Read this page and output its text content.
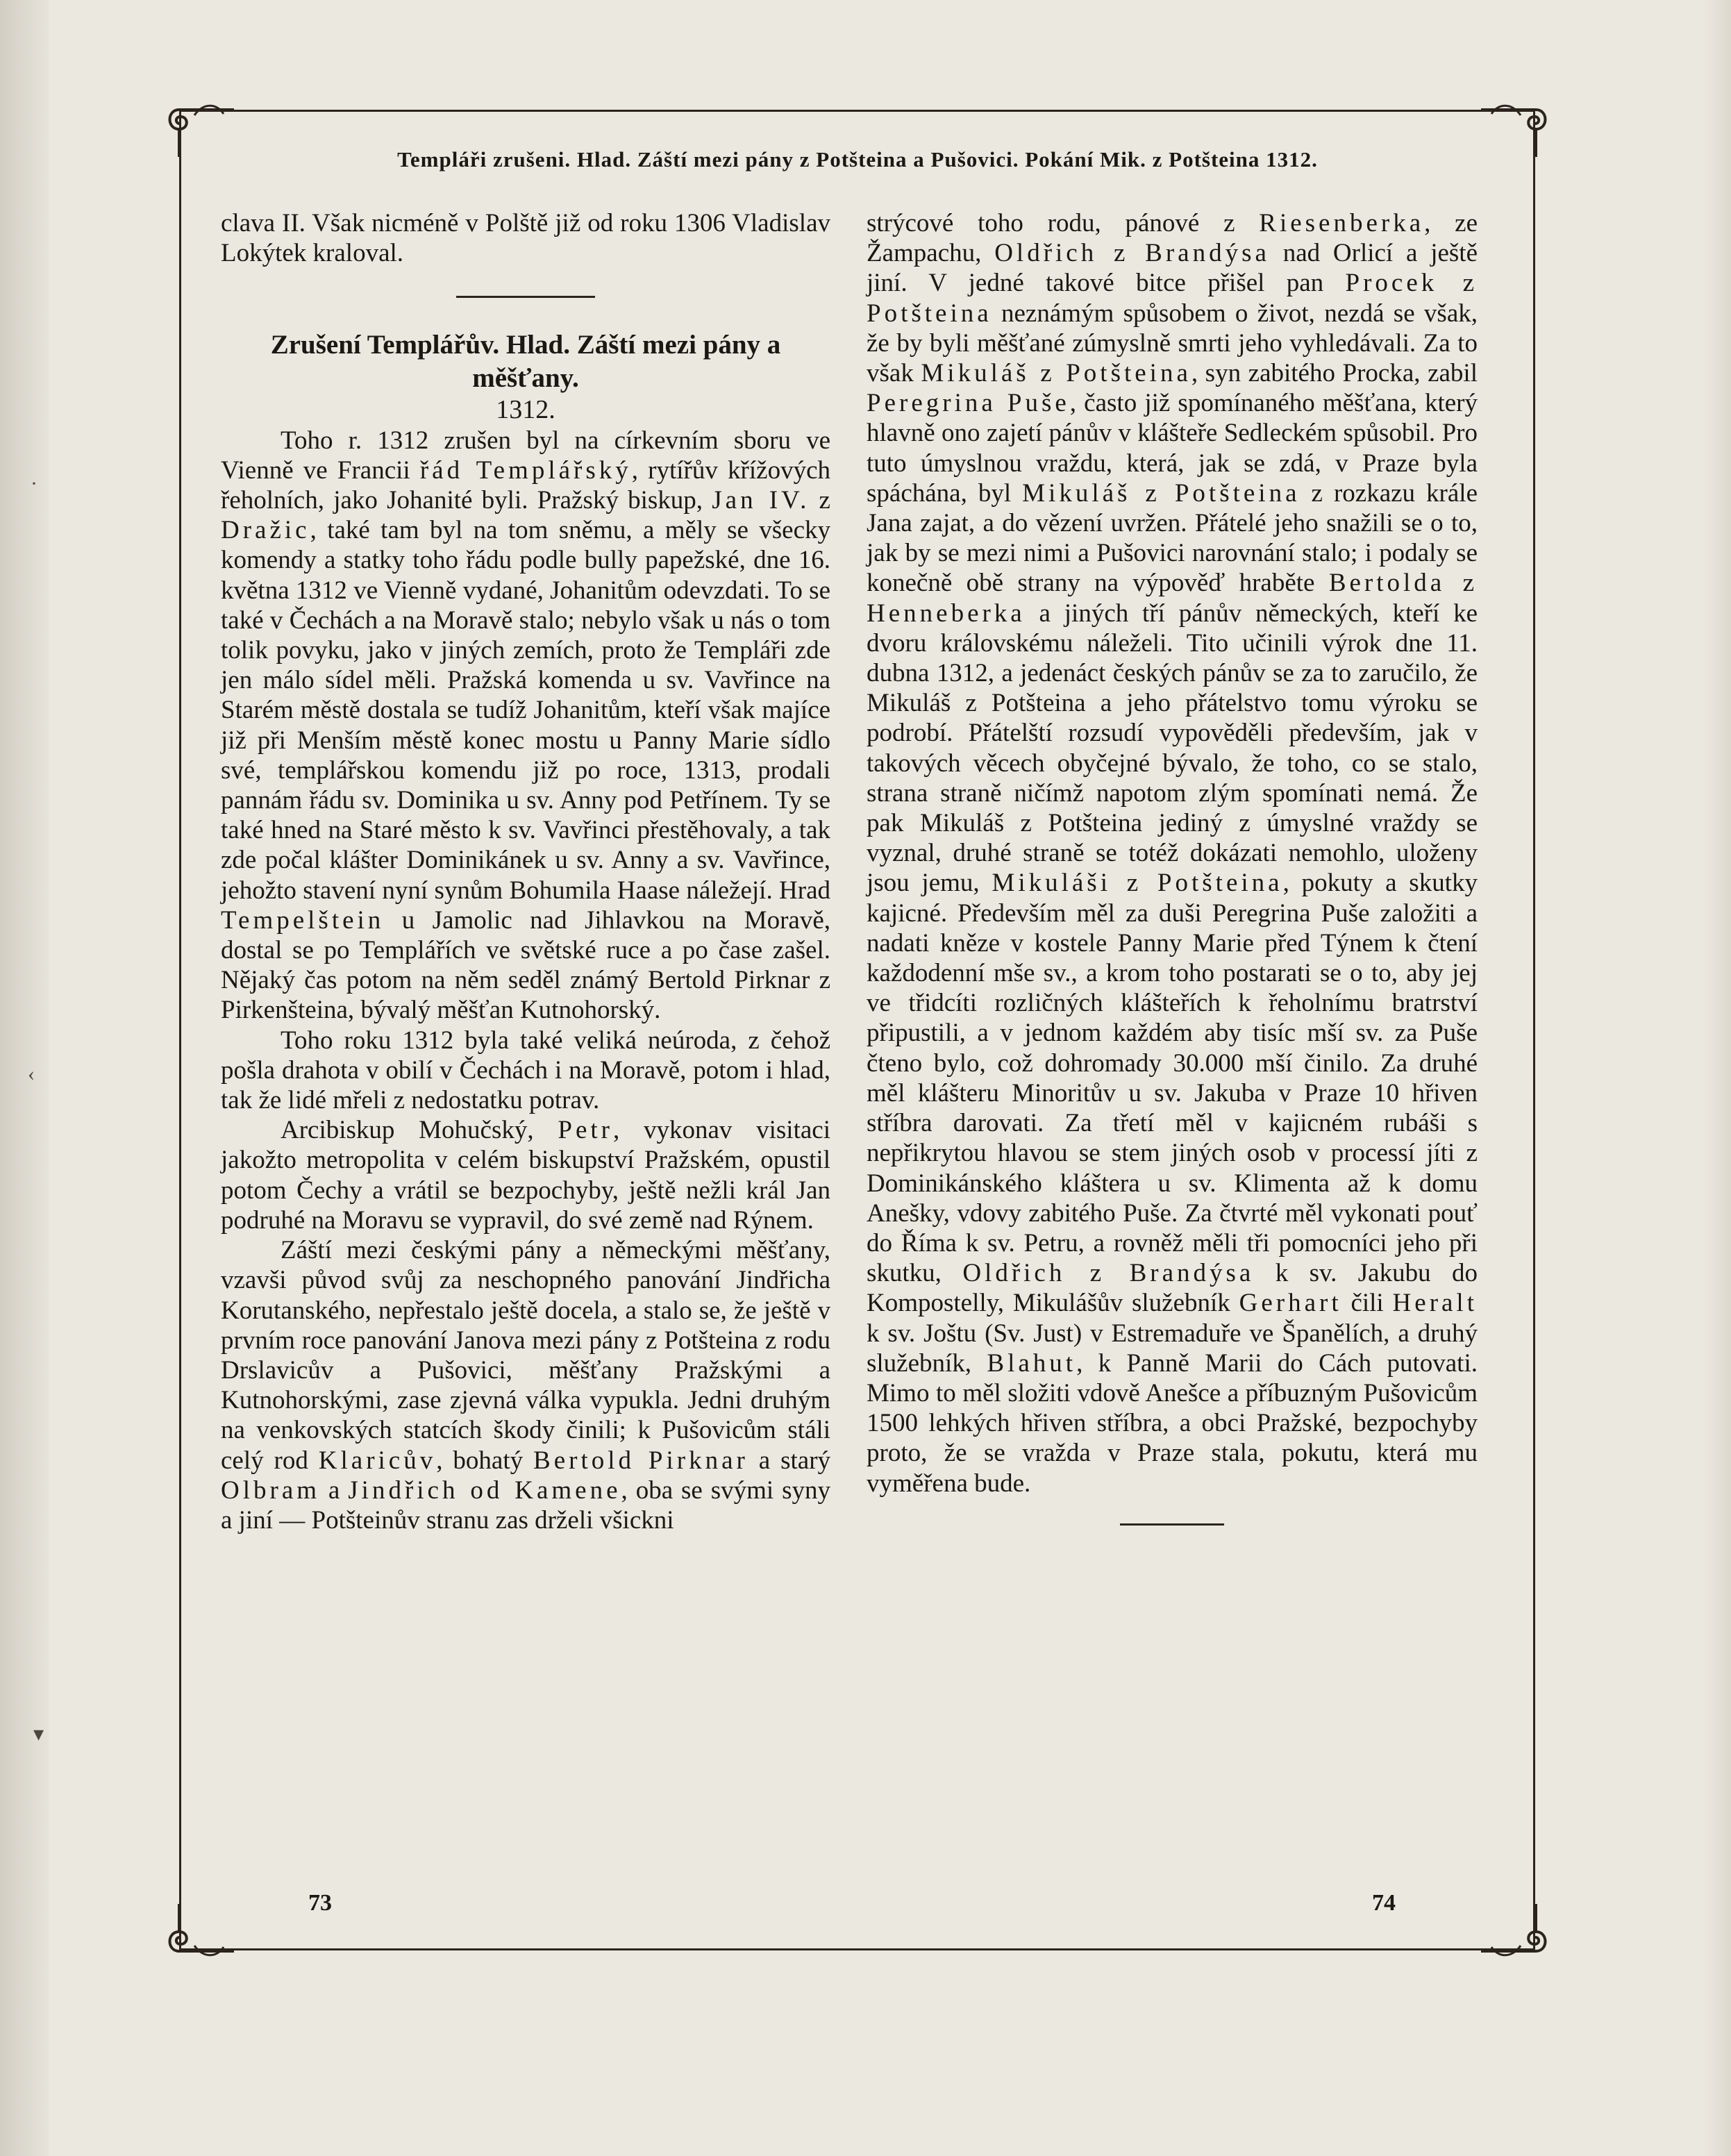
·
‹
▾
Templáři zrušeni. Hlad. Záští mezi pány z Potšteina a Pušovici. Pokání Mik. z Potšteina 1312.

clava II. Však nicméně v Polště již od roku 1306 Vladislav Lokýtek kraloval.

Zrušení Templářův. Hlad. Záští mezi pány a měšťany.

1312.

Toho r. 1312 zrušen byl na církevním sboru ve Vienně ve Francii řád Templářský, rytířův křížových řeholních, jako Johanité byli. Pražský biskup, Jan IV. z Dražic, také tam byl na tom sněmu, a měly se všecky komendy a statky toho řádu podle bully papežské, dne 16. května 1312 ve Vienně vydané, Johanitům odevzdati. To se také v Čechách a na Moravě stalo; nebylo však u nás o tom tolik povyku, jako v jiných zemích, proto že Templáři zde jen málo sídel měli. Pražská komenda u sv. Vavřince na Starém městě dostala se tudíž Johanitům, kteří však majíce již při Menším městě konec mostu u Panny Marie sídlo své, templářskou komendu již po roce, 1313, prodali pannám řádu sv. Dominika u sv. Anny pod Petřínem. Ty se také hned na Staré město k sv. Vavřinci přestěhovaly, a tak zde počal klášter Dominikánek u sv. Anny a sv. Vavřince, jehožto stavení nyní synům Bohumila Haase náležejí. Hrad Tempelštein u Jamolic nad Jihlavkou na Moravě, dostal se po Templářích ve světské ruce a po čase zašel. Nějaký čas potom na něm seděl známý Bertold Pirknar z Pirkenšteina, bývalý měšťan Kutnohorský.

Toho roku 1312 byla také veliká neúroda, z čehož pošla drahota v obilí v Čechách i na Moravě, potom i hlad, tak že lidé mřeli z nedostatku potrav.

Arcibiskup Mohučský, Petr, vykonav visitaci jakožto metropolita v celém biskupství Pražském, opustil potom Čechy a vrátil se bezpochyby, ještě nežli král Jan podruhé na Moravu se vypravil, do své země nad Rýnem.

Záští mezi českými pány a německými měšťany, vzavši původ svůj za neschopného panování Jindřicha Korutanského, nepřestalo ještě docela, a stalo se, že ještě v prvním roce panování Janova mezi pány z Potšteina z rodu Drslavicův a Pušovici, měšťany Pražskými a Kutnohorskými, zase zjevná válka vypukla. Jedni druhým na venkovských statcích škody činili; k Pušovicům stáli celý rod Klaricův, bohatý Bertold Pirknar a starý Olbram a Jindřich od Kamene, oba se svými syny a jiní — Potšteinův stranu zas drželi všickni

strýcové toho rodu, pánové z Riesenberka, ze Žampachu, Oldřich z Brandýsa nad Orlicí a ještě jiní. V jedné takové bitce přišel pan Procek z Potšteina neznámým spůsobem o život, nezdá se však, že by byli měšťané zúmyslně smrti jeho vyhledávali. Za to však Mikuláš z Potšteina, syn zabitého Procka, zabil Peregrina Puše, často již spomínaného měšťana, který hlavně ono zajetí pánův v klášteře Sedleckém spůsobil. Pro tuto úmyslnou vraždu, která, jak se zdá, v Praze byla spáchána, byl Mikuláš z Potšteina z rozkazu krále Jana zajat, a do vězení uvržen. Přátelé jeho snažili se o to, jak by se mezi nimi a Pušovici narovnání stalo; i podaly se konečně obě strany na výpověď hraběte Bertolda z Henneberka a jiných tří pánův německých, kteří ke dvoru královskému náleželi. Tito učinili výrok dne 11. dubna 1312, a jedenáct českých pánův se za to zaručilo, že Mikuláš z Potšteina a jeho přátelstvo tomu výroku se podrobí. Přátelští rozsudí vypověděli především, jak v takových věcech obyčejné bývalo, že toho, co se stalo, strana straně ničímž napotom zlým spomínati nemá. Že pak Mikuláš z Potšteina jediný z úmyslné vraždy se vyznal, druhé straně se totéž dokázati nemohlo, uloženy jsou jemu, Mikuláši z Potšteina, pokuty a skutky kajicné. Především měl za duši Peregrina Puše založiti a nadati kněze v kostele Panny Marie před Týnem k čtení každodenní mše sv., a krom toho postarati se o to, aby jej ve třidcíti rozličných klášteřích k řeholnímu bratrství připustili, a v jednom každém aby tisíc mší sv. za Puše čteno bylo, což dohromady 30.000 mší činilo. Za druhé měl klášteru Minoritův u sv. Jakuba v Praze 10 hřiven stříbra darovati. Za třetí měl v kajicném rubáši s nepřikrytou hlavou se stem jiných osob v processí jíti z Dominikánského kláštera u sv. Klimenta až k domu Anešky, vdovy zabitého Puše. Za čtvrté měl vykonati pouť do Říma k sv. Petru, a rovněž měli tři pomocníci jeho při skutku, Oldřich z Brandýsa k sv. Jakubu do Kompostelly, Mikulášův služebník Gerhart čili Heralt k sv. Joštu (Sv. Just) v Estremaduře ve Španělích, a druhý služebník, Blahut, k Panně Marii do Cách putovati. Mimo to měl složiti vdově Anešce a příbuzným Pušovicům 1500 lehkých hřiven stříbra, a obci Pražské, bezpochyby proto, že se vražda v Praze stala, pokutu, která mu vyměřena bude.

73	74
